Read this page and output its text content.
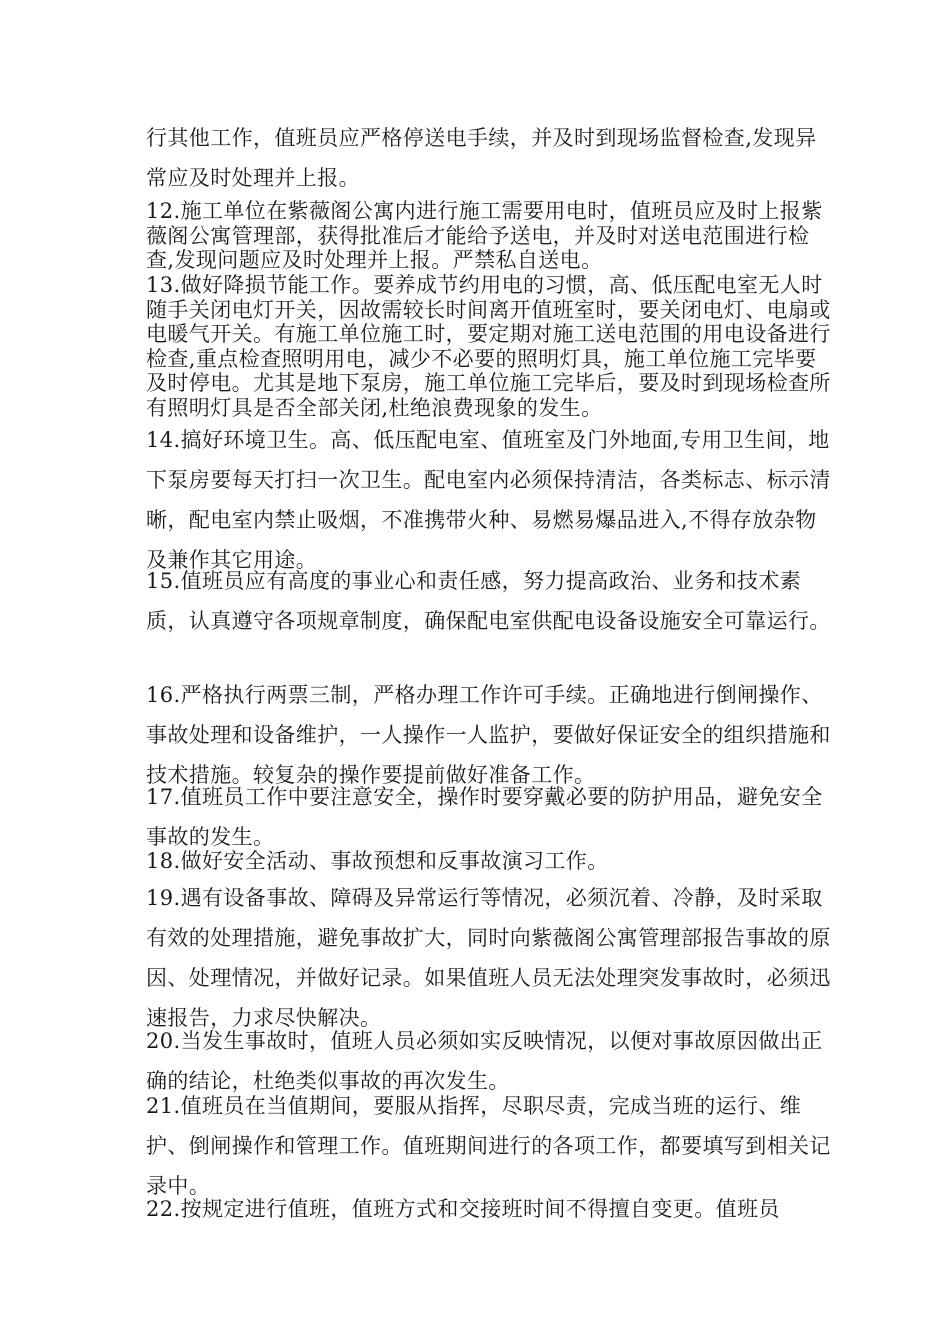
行其他工作，值班员应严格停送电手续，并及时到现场监督检查,发现异常应及时处理并上报。

12.施工单位在紫薇阁公寓内进行施工需要用电时，值班员应及时上报紫薇阁公寓管理部，获得批准后才能给予送电，并及时对送电范围进行检查,发现问题应及时处理并上报。严禁私自送电。

13.做好降损节能工作。要养成节约用电的习惯，高、低压配电室无人时随手关闭电灯开关，因故需较长时间离开值班室时，要关闭电灯、电扇或电暖气开关。有施工单位施工时，要定期对施工送电范围的用电设备进行检查,重点检查照明用电，减少不必要的照明灯具，施工单位施工完毕要及时停电。尤其是地下泵房，施工单位施工完毕后，要及时到现场检查所有照明灯具是否全部关闭,杜绝浪费现象的发生。

14.搞好环境卫生。高、低压配电室、值班室及门外地面,专用卫生间，地下泵房要每天打扫一次卫生。配电室内必须保持清洁，各类标志、标示清晰，配电室内禁止吸烟，不准携带火种、易燃易爆品进入,不得存放杂物及兼作其它用途。

15.值班员应有高度的事业心和责任感，努力提高政治、业务和技术素质，认真遵守各项规章制度，确保配电室供配电设备设施安全可靠运行。

16.严格执行两票三制，严格办理工作许可手续。正确地进行倒闸操作、事故处理和设备维护，一人操作一人监护，要做好保证安全的组织措施和技术措施。较复杂的操作要提前做好准备工作。

17.值班员工作中要注意安全，操作时要穿戴必要的防护用品，避免安全事故的发生。

18.做好安全活动、事故预想和反事故演习工作。

19.遇有设备事故、障碍及异常运行等情况，必须沉着、冷静，及时采取有效的处理措施，避免事故扩大，同时向紫薇阁公寓管理部报告事故的原因、处理情况，并做好记录。如果值班人员无法处理突发事故时，必须迅速报告，力求尽快解决。

20.当发生事故时，值班人员必须如实反映情况，以便对事故原因做出正确的结论，杜绝类似事故的再次发生。

21.值班员在当值期间，要服从指挥，尽职尽责，完成当班的运行、维护、倒闸操作和管理工作。值班期间进行的各项工作，都要填写到相关记录中。

22.按规定进行值班，值班方式和交接班时间不得擅自变更。值班员
